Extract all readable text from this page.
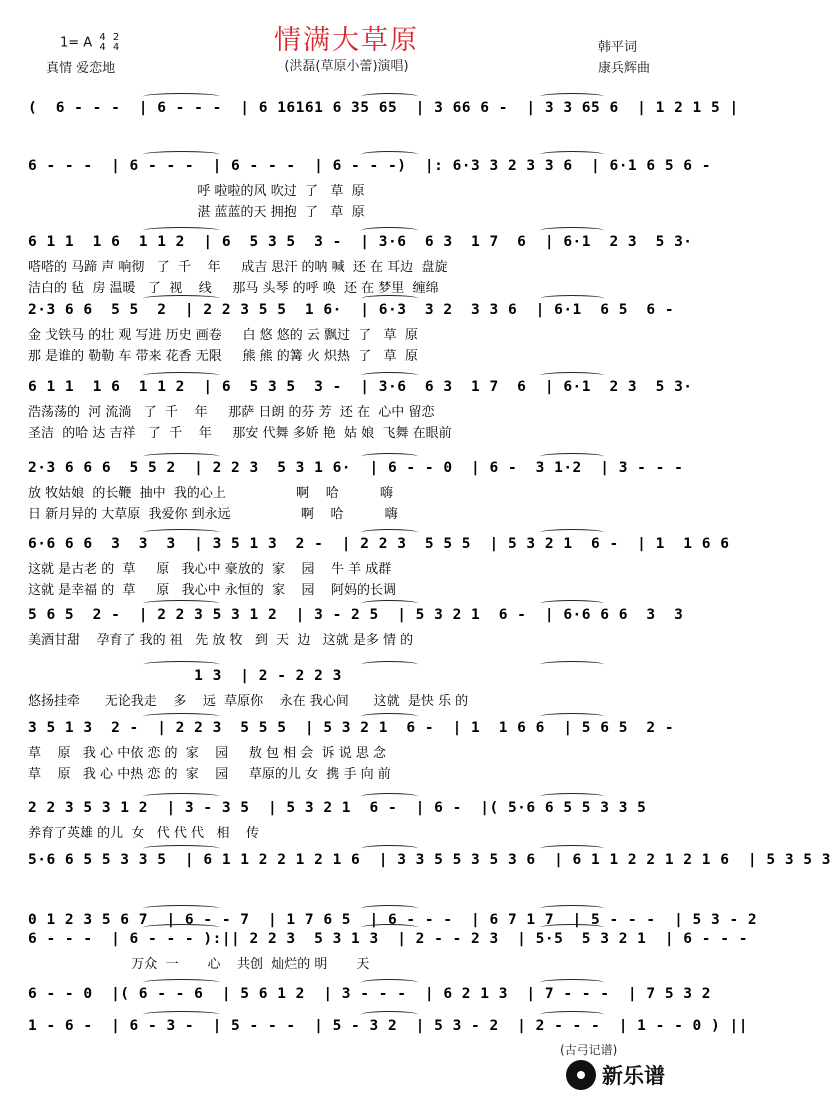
情满大草原
(洪磊(草原小蕾)演唱)
1= A 4
4 2
4
真情 爱恋地
韩平词
康兵辉曲
(  6 - - -  | 6 - - -  | 6 16161 6 35 65  | 3 66 6 -  | 3 3 65 6  | 1 2 1 5 |
6 - - -  | 6 - - -  | 6 - - -  | 6 - - -)  |: 6·3 3 2 3 3 6  | 6·1 6 5 6 -
呼 啦啦的风 吹过  了   草  原
湛 蓝蓝的天 拥抱  了   草  原
6 1 1  1 6  1 1 2  | 6  5 3 5  3 -  | 3·6  6 3  1 7  6  | 6·1  2 3  5 3·
嗒嗒的 马蹄 声 响彻   了  千    年     成吉 思汗 的呐 喊  还 在 耳边  盘旋
洁白的 毡  房 温暖   了  视    线     那马 头琴 的呼 唤  还 在 梦里  缠绵
2·3 6 6  5 5  2  | 2 2 3 5 5  1 6·  | 6·3  3 2  3 3 6  | 6·1  6 5  6 -
金 戈铁马 的壮 观 写进 历史 画卷     白 悠 悠的 云 飘过  了   草  原
那 是谁的 勒勒 车 带来 花香 无限     熊 熊 的篝 火 炽热  了   草  原
6 1 1  1 6  1 1 2  | 6  5 3 5  3 -  | 3·6  6 3  1 7  6  | 6·1  2 3  5 3·
浩荡荡的  河 流淌   了  千    年     那萨 日朗 的芬 芳  还 在  心中 留恋
圣洁  的哈 达 吉祥   了  千    年     那安 代舞 多娇 艳  姑 娘  飞舞 在眼前
2·3 6 6 6  5 5 2  | 2 2 3  5 3 1 6·  | 6 - - 0  | 6 -  3 1·2  | 3 - - -
放 牧姑娘  的长鞭  抽中  我的心上                 啊    哈          嗨
日 新月异的 大草原  我爱你 到永远                 啊    哈          嗨
6·6 6 6  3  3  3  | 3 5 1 3  2 -  | 2 2 3  5 5 5  | 5 3 2 1  6 -  | 1  1 6 6
这就 是古老 的  草     原   我心中 豪放的  家    园    牛 羊 成群
这就 是幸福 的  草     原   我心中 永恒的  家    园    阿妈的长调
5 6 5  2 -  | 2 2 3 5 3 1 2  | 3 - 2 5  | 5 3 2 1  6 -  | 6·6 6 6  3  3
美酒甘甜    孕育了 我的 祖   先 放 牧   到  天  边   这就 是多 情 的
1 3  | 2 - 2 2 3
悠扬挂牵      无论我走    多    远  草原你    永在 我心间      这就  是快 乐 的
3 5 1 3  2 -  | 2 2 3  5 5 5  | 5 3 2 1  6 -  | 1  1 6 6  | 5 6 5  2 -
草    原   我 心 中依 恋 的  家    园     敖 包 相 会  诉 说 思 念
草    原   我 心 中热 恋 的  家    园     草原的儿 女  携 手 向 前
2 2 3 5 3 1 2  | 3 - 3 5  | 5 3 2 1  6 -  | 6 -  |( 5·6 6 5 5 3 3 5
养育了英雄 的儿  女   代 代 代   相    传
5·6 6 5 5 3 3 5  | 6 1 1 2 2 1 2 1 6  | 3 3 5 5 3 5 3 6  | 6 1 1 2 2 1 2 1 6  | 5 3 5 3
0 1 2 3 5 6 7  | 6 - - 7  | 1 7 6 5  | 6 - - -  | 6 7 1 7  | 5 - - -  | 5 3 - 2
6 - - -  | 6 - - - ):|| 2 2 3  5 3 1 3  | 2 - - 2 3  | 5·5  5 3 2 1  | 6 - - -
万众  一       心    共创  灿烂的 明       天
6 - - 0  |( 6 - - 6  | 5 6 1 2  | 3 - - -  | 6 2 1 3  | 7 - - -  | 7 5 3 2
1 - 6 -  | 6 - 3 -  | 5 - - -  | 5 - 3 2  | 5 3 - 2  | 2 - - -  | 1 - - 0 ) ||
(古弓记谱)
新乐谱
